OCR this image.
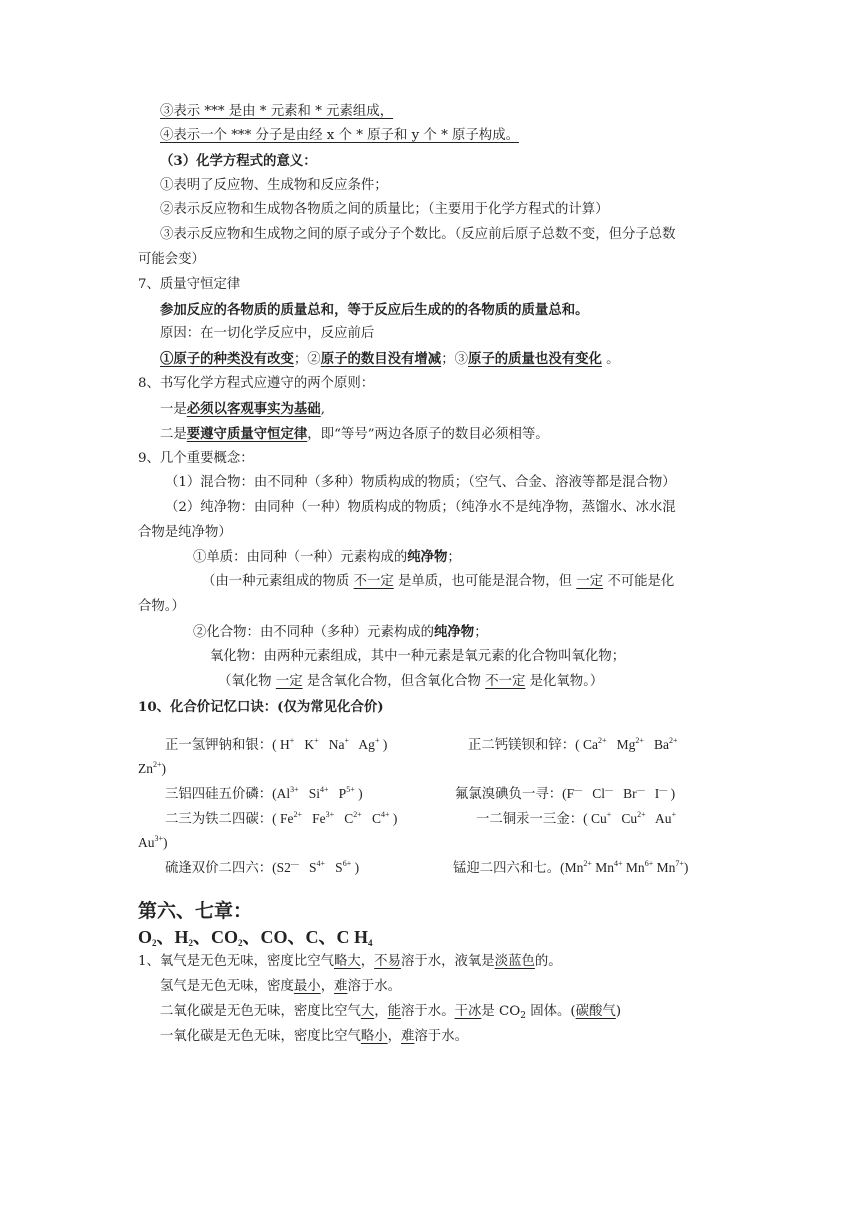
③表示 *** 是由 * 元素和 * 元素组成，
④表示一个 *** 分子是由经 x 个 * 原子和 y 个 * 原子构成。
（3）化学方程式的意义：
①表明了反应物、生成物和反应条件；
②表示反应物和生成物各物质之间的质量比；（主要用于化学方程式的计算）
③表示反应物和生成物之间的原子或分子个数比。（反应前后原子总数不变，但分子总数
可能会变）
7、质量守恒定律
参加反应的各物质的质量总和，等于反应后生成的的各物质的质量总和。
原因：在一切化学反应中，反应前后
①原子的种类没有改变；②原子的数目没有增减；③原子的质量也没有变化 。
8、书写化学方程式应遵守的两个原则：
一是必须以客观事实为基础,
二是要遵守质量守恒定律，即“等号”两边各原子的数目必须相等。
9、几个重要概念：
（1）混合物：由不同种（多种）物质构成的物质；（空气、合金、溶液等都是混合物）
（2）纯净物：由同种（一种）物质构成的物质；（纯净水不是纯净物，蒸馏水、冰水混
合物是纯净物）
①单质：由同种（一种）元素构成的纯净物；
（由一种元素组成的物质 不一定 是单质，也可能是混合物，但 一定 不可能是化
合物。）
②化合物：由不同种（多种）元素构成的纯净物；
氧化物：由两种元素组成，其中一种元素是氧元素的化合物叫氧化物；
（氧化物 一定 是含氧化合物，但含氧化合物 不一定 是化氧物。）
10、化合价记忆口诀：(仅为常见化合价)
正一氢钾钠和银：( H+   K+   Na+   Ag+ )	正二钙镁钡和锌：( $Ca^{2+}$   $Mg^{2+}$   $Ba^{2+}$
$Zn^{2+}$)
三铝四硅五价磷：($Al^{3+}$   $Si^{4+}$   $P^{5+}$ )	氟氯溴碘负一寻：(F—   Cl—   Br—   I— )
二三为铁二四碳：( $Fe^{2+}$   $Fe^{3+}$   $C^{2+}$   $C^{4+}$ )	一二铜汞一三金：( Cu+   $Cu^{2+}$   Au+
$Au^{3+}$)
硫逢双价二四六：(S2—   $S^{4+}$   $S^{6+}$ )	锰迎二四六和七。($Mn^{2+}$ $Mn^{4+}$ $Mn^{6+}$ $Mn^{7+}$)
第六、七章：
$O_2$、$H_2$、$CO_2$、CO、C、C $H_4$
1、氧气是无色无味，密度比空气略大，不易溶于水，液氧是淡蓝色的。
氢气是无色无味，密度最小，难溶于水。
二氧化碳是无色无味，密度比空气大，能溶于水。干冰是 $CO_2$ 固体。(碳酸气)
一氧化碳是无色无味，密度比空气略小，难溶于水。
